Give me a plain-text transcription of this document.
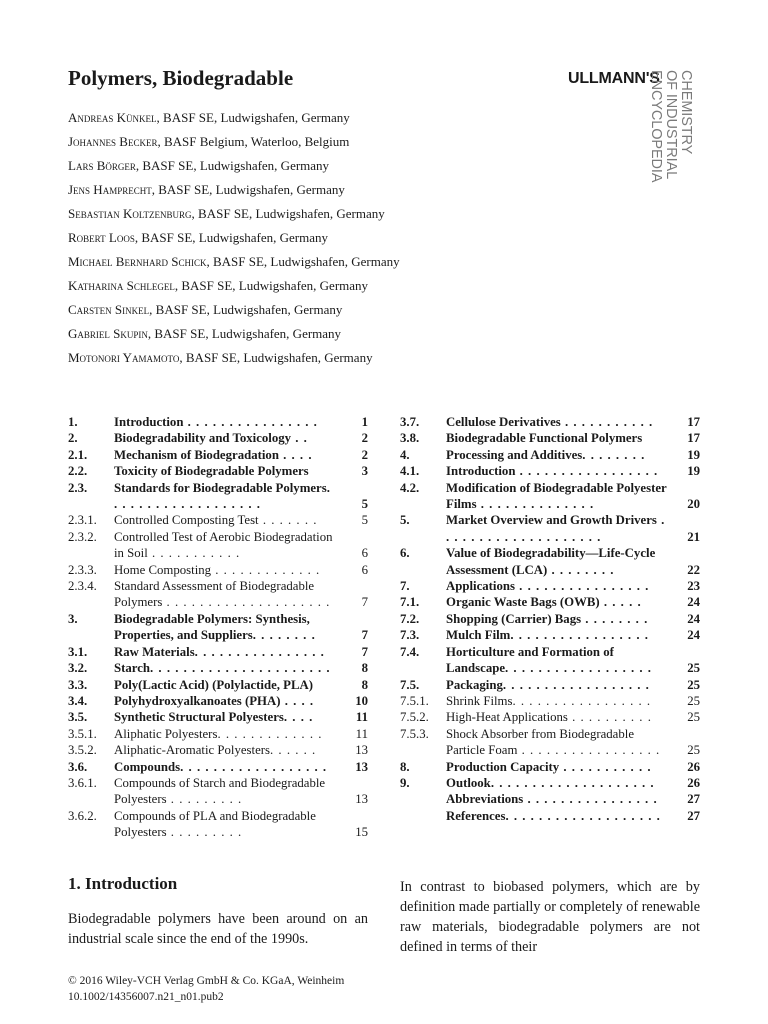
Polymers, Biodegradable	ULLMANN'S
ENCYCLOPEDIA OF INDUSTRIAL CHEMISTRY
Andreas Künkel, BASF SE, Ludwigshafen, Germany
Johannes Becker, BASF Belgium, Waterloo, Belgium
Lars Börger, BASF SE, Ludwigshafen, Germany
Jens Hamprecht, BASF SE, Ludwigshafen, Germany
Sebastian Koltzenburg, BASF SE, Ludwigshafen, Germany
Robert Loos, BASF SE, Ludwigshafen, Germany
Michael Bernhard Schick, BASF SE, Ludwigshafen, Germany
Katharina Schlegel, BASF SE, Ludwigshafen, Germany
Carsten Sinkel, BASF SE, Ludwigshafen, Germany
Gabriel Skupin, BASF SE, Ludwigshafen, Germany
Motonori Yamamoto, BASF SE, Ludwigshafen, Germany
1.	Introduction . . . . . . . . . . . . . . . .	1
2.	Biodegradability and Toxicology . .	2
2.1. Mechanism of Biodegradation . . . .	2
2.2. Toxicity of Biodegradable Polymers	3
2.3. Standards for Biodegradable Polymers. . . . . . . . . . . . . . . . . . .	5
2.3.1. Controlled Composting Test . . . . . . .	5
2.3.2. Controlled Test of Aerobic Biodegradation in Soil . . . . . . . . . . .	6
2.3.3. Home Composting . . . . . . . . . . . . .	6
2.3.4. Standard Assessment of Biodegradable Polymers . . . . . . . . . . . . . . . . . . . . 7
3.	Biodegradable Polymers: Synthesis, Properties, and Suppliers. . . . . . . .	7
3.1. Raw Materials. . . . . . . . . . . . . . . .	7
3.2. Starch. . . . . . . . . . . . . . . . . . . . . . 8
3.3. Poly(Lactic Acid) (Polylactide, PLA)	8
3.4. Polyhydroxyalkanoates (PHA) . . . .	10
3.5. Synthetic Structural Polyesters. . . .	11
3.5.1. Aliphatic Polyesters. . . . . . . . . . . . .	11
3.5.2. Aliphatic-Aromatic Polyesters. . . . . .	13
3.6. Compounds. . . . . . . . . . . . . . . . . . 13
3.6.1. Compounds of Starch and Biodegradable Polyesters . . . . . . . . .	13
3.6.2. Compounds of PLA and Biodegradable Polyesters . . . . . . . . .	15
3.7. Cellulose Derivatives . . . . . . . . . . .	17
3.8. Biodegradable Functional Polymers	17
4.	Processing and Additives. . . . . . . .	19
4.1. Introduction . . . . . . . . . . . . . . . . . 19
4.2. Modification of Biodegradable Polyester Films . . . . . . . . . . . . . .	20
5.	Market Overview and Growth Drivers . . . . . . . . . . . . . . . . . . . .	21
6.	Value of Biodegradability—Life-Cycle Assessment (LCA) . . . . . . . .	22
7.	Applications . . . . . . . . . . . . . . . .	23
7.1. Organic Waste Bags (OWB) . . . . .	24
7.2. Shopping (Carrier) Bags . . . . . . . .	24
7.3. Mulch Film. . . . . . . . . . . . . . . . .	24
7.4. Horticulture and Formation of Landscape. . . . . . . . . . . . . . . . . .	25
7.5. Packaging. . . . . . . . . . . . . . . . . .	25
7.5.1. Shrink Films. . . . . . . . . . . . . . . . .	25
7.5.2. High-Heat Applications . . . . . . . . . .	25
7.5.3. Shock Absorber from Biodegradable Particle Foam . . . . . . . . . . . . . . . . . 25
8.	Production Capacity . . . . . . . . . . .	26
9.	Outlook. . . . . . . . . . . . . . . . . . . .	26
Abbreviations . . . . . . . . . . . . . . . . 27
References. . . . . . . . . . . . . . . . . . . 27
1. Introduction

Biodegradable polymers have been around on an industrial scale since the end of the 1990s.

In contrast to biobased polymers, which are by definition made partially or completely of renewable raw materials, biodegradable polymers are not defined in terms of their

© 2016 Wiley-VCH Verlag GmbH & Co. KGaA, Weinheim
10.1002/14356007.n21_n01.pub2
